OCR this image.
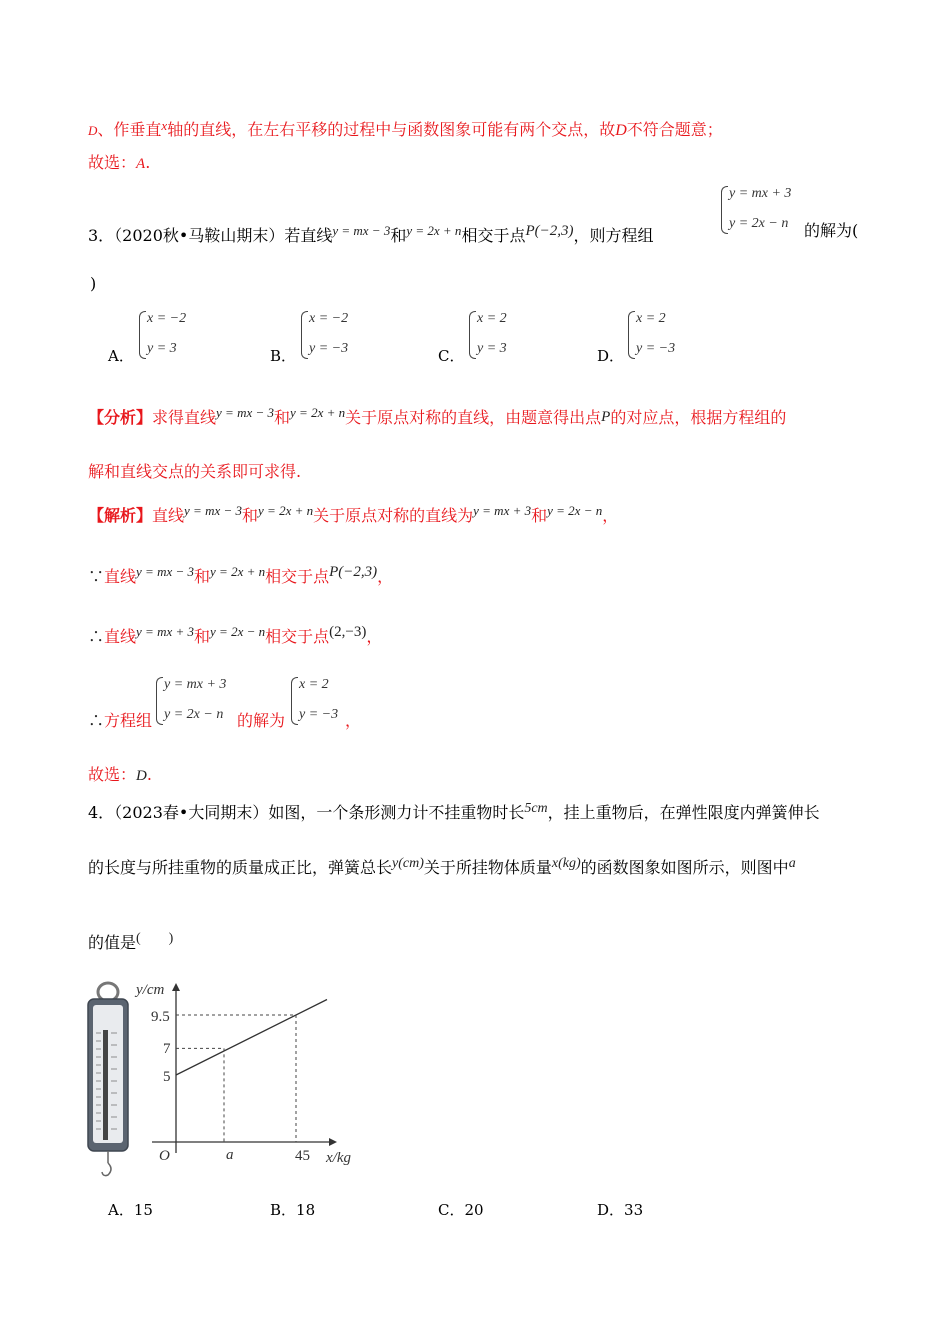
D、作垂直$^x$轴的直线，在左右平移的过程中与函数图象可能有两个交点，故D不符合题意；
故选：A.
3．（2020秋•马鞍山期末）若直线$^{y = mx - 3}$和$^{y = 2x + n}$相交于点P(−2,3)，则方程组
y = mx + 3
y = 2x − n 的解为(
)
A．
x = −2
y = 3	B．
x = −2
y = −3	C．
x = 2
y = 3	D．
x = 2
y = −3
【分析】求得直线$^{y = mx - 3}$和$^{y = 2x + n}$关于原点对称的直线，由题意得出点P的对应点，根据方程组的
解和直线交点的关系即可求得.
【解析】直线$^{y = mx - 3}$和$^{y = 2x + n}$关于原点对称的直线为$^{y = mx + 3}$和$^{y = 2x - n}$，
∵直线$^{y = mx - 3}$和$^{y = 2x + n}$相交于点P(−2,3)，
∴直线$^{y = mx + 3}$和$^{y = 2x - n}$相交于点(2,−3)，
∴方程组
y = mx + 3
y = 2x − n 的解为
x = 2
y = −3 ，
故选：D.
4．（2023春•大同期末）如图，一个条形测力计不挂重物时长5cm，挂上重物后，在弹性限度内弹簧伸长
的长度与所挂重物的质量成正比，弹簧总长y(cm)关于所挂物体质量x(kg)的函数图象如图所示，则图中a
的值是(　　)
y/cm
x/kg
O
9.5
7
5
a	45
A．15	B．18	C．20	D．33
